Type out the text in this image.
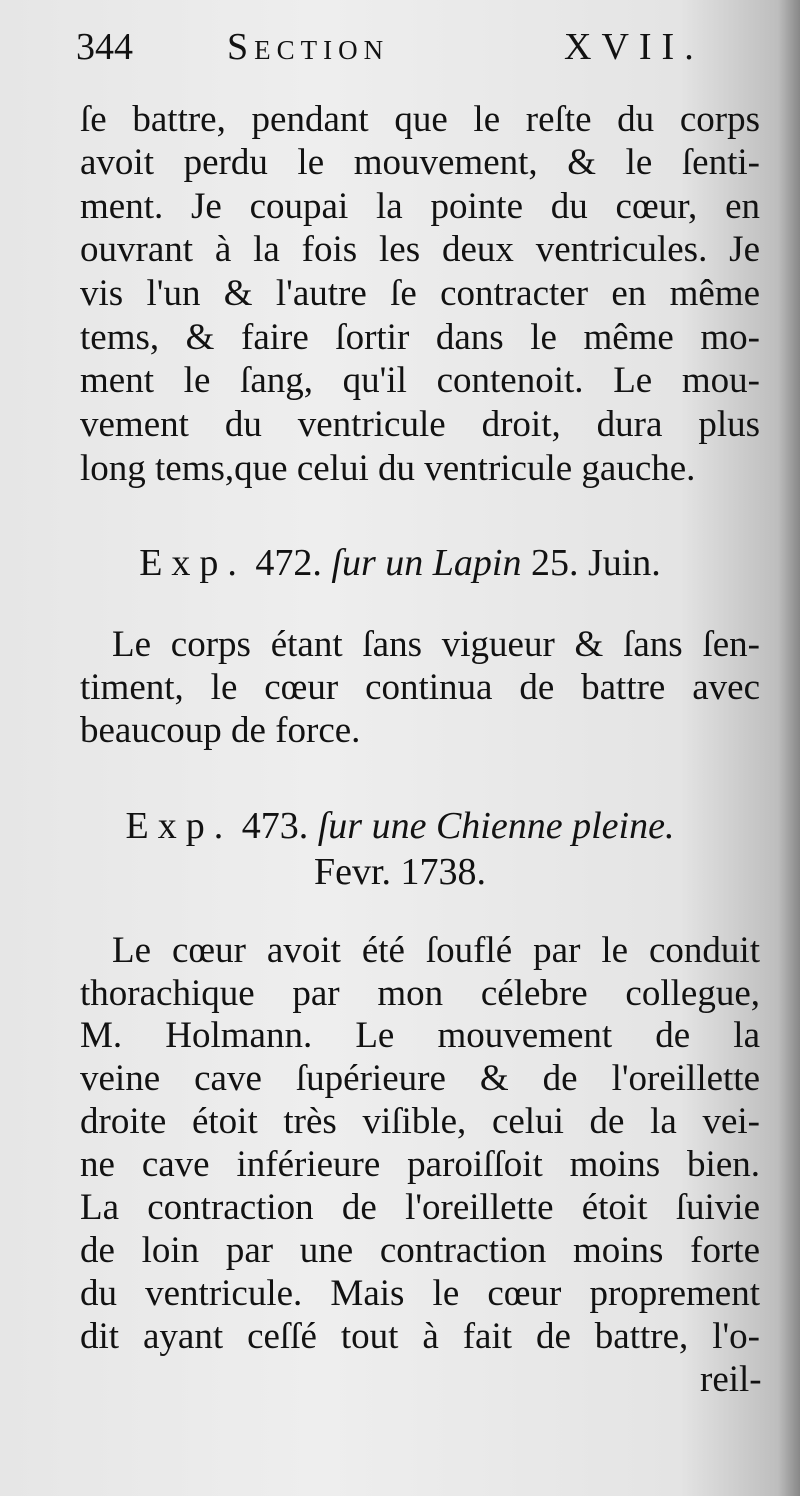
344 Section	XVII.
ſe battre, pendant que le reſte du corps
avoit perdu le mouvement, & le ſenti-
ment. Je coupai la pointe du cœur, en
ouvrant à la fois les deux ventricules. Je
vis l'un & l'autre ſe contracter en même
tems, & faire ſortir dans le même mo-
ment le ſang, qu'il contenoit. Le mou-
vement du ventricule droit, dura plus
long tems,que celui du ventricule gauche.
Exp. 472. ſur un Lapin 25. Juin.
Le corps étant ſans vigueur & ſans ſen-
timent, le cœur continua de battre avec
beaucoup de force.
Exp. 473. ſur une Chienne pleine.
Fevr. 1738.
Le cœur avoit été ſouflé par le conduit
thorachique par mon célebre collegue,
M. Holmann. Le mouvement de la
veine cave ſupérieure & de l'oreillette
droite étoit très viſible, celui de la vei-
ne cave inférieure paroiſſoit moins bien.
La contraction de l'oreillette étoit ſuivie
de loin par une contraction moins forte
du ventricule. Mais le cœur proprement
dit ayant ceſſé tout à fait de battre, l'o-
reil-
